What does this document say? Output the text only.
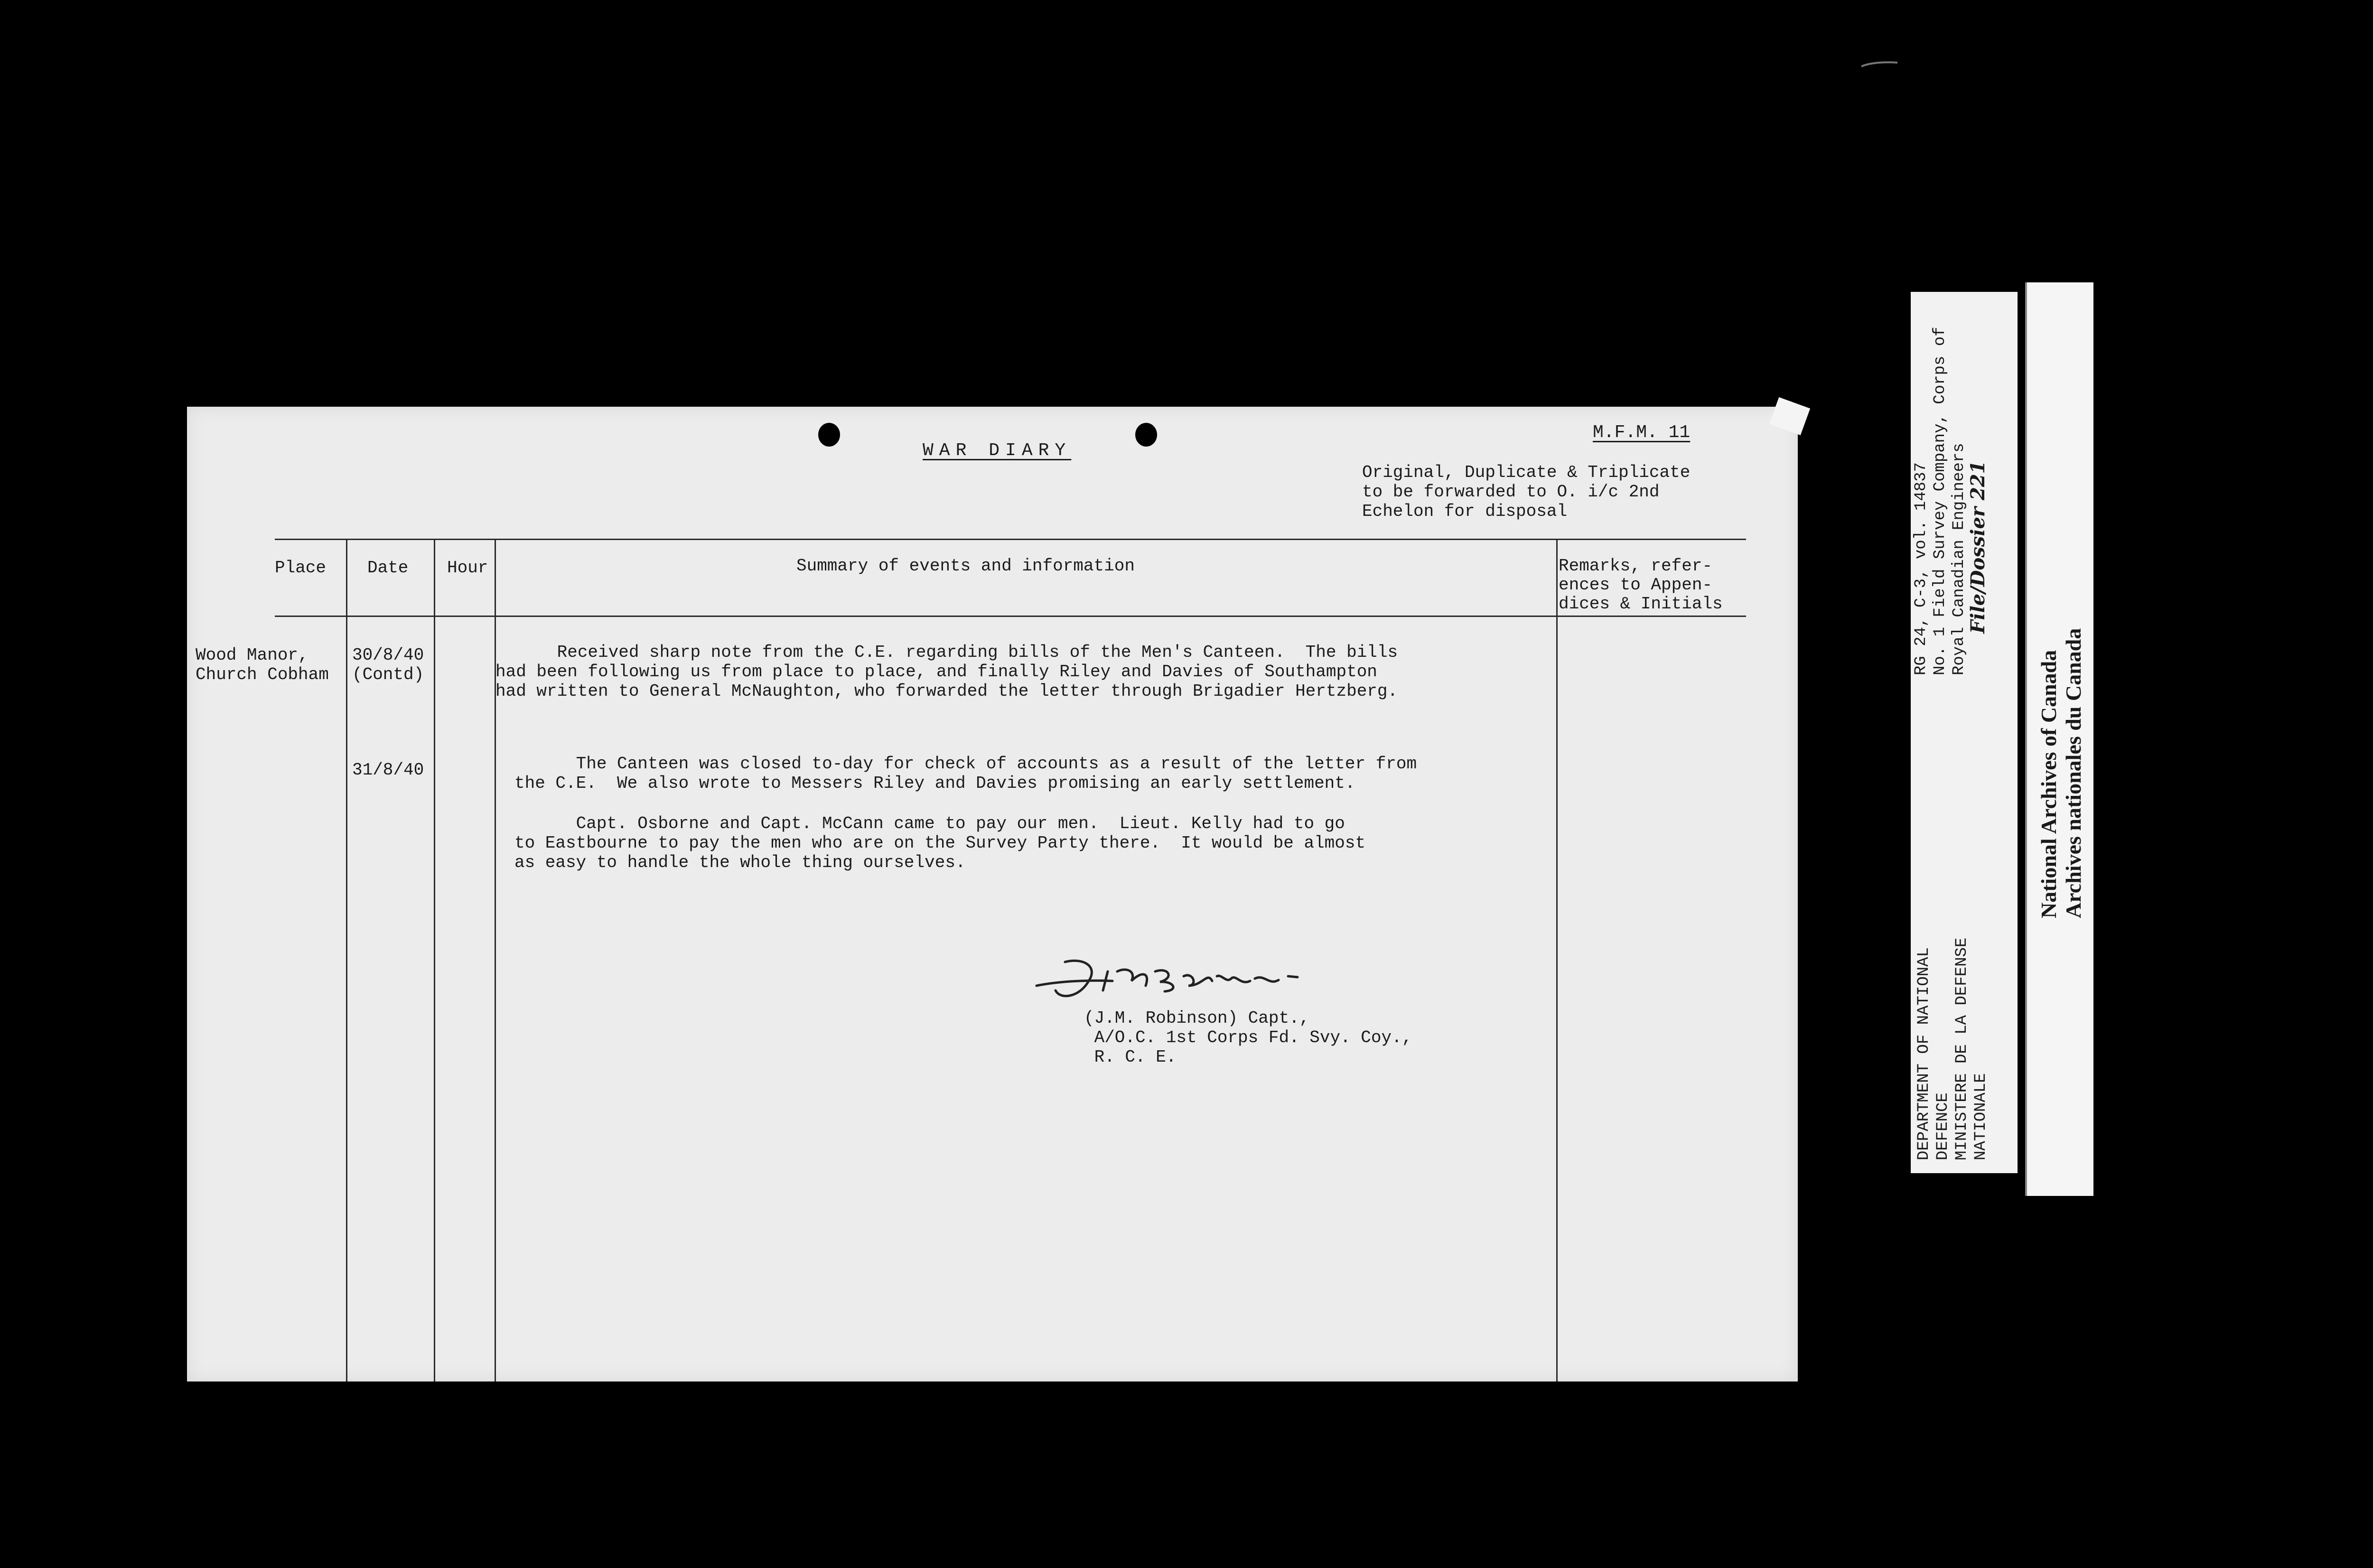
WAR DIARY
M.F.M. 11
Original, Duplicate & Triplicate
to be forwarded to O. i/c 2nd
Echelon for disposal
Place Date Hour	Summary of events and information	Remarks, refer-
ences to Appen-
dices & Initials
Wood Manor,
Church Cobham
30/8/40
(Contd)
31/8/40
Received sharp note from the C.E. regarding bills of the Men's Canteen.  The bills
had been following us from place to place, and finally Riley and Davies of Southampton
had written to General McNaughton, who forwarded the letter through Brigadier Hertzberg.
The Canteen was closed to-day for check of accounts as a result of the letter from
the C.E.  We also wrote to Messers Riley and Davies promising an early settlement.
Capt. Osborne and Capt. McCann came to pay our men.  Lieut. Kelly had to go
to Eastbourne to pay the men who are on the Survey Party there.  It would be almost
as easy to handle the whole thing ourselves.
(J.M. Robinson) Capt.,
A/O.C. 1st Corps Fd. Svy. Coy.,
R. C. E.
RG 24, C-3, vol. 14837
No. 1 Field Survey Company, Corps of
Royal Canadian Engineers
File/Dossier 221
DEPARTMENT OF NATIONAL
DEFENCE
MINISTERE DE LA DEFENSE
NATIONALE
National Archives of Canada
Archives nationales du Canada
